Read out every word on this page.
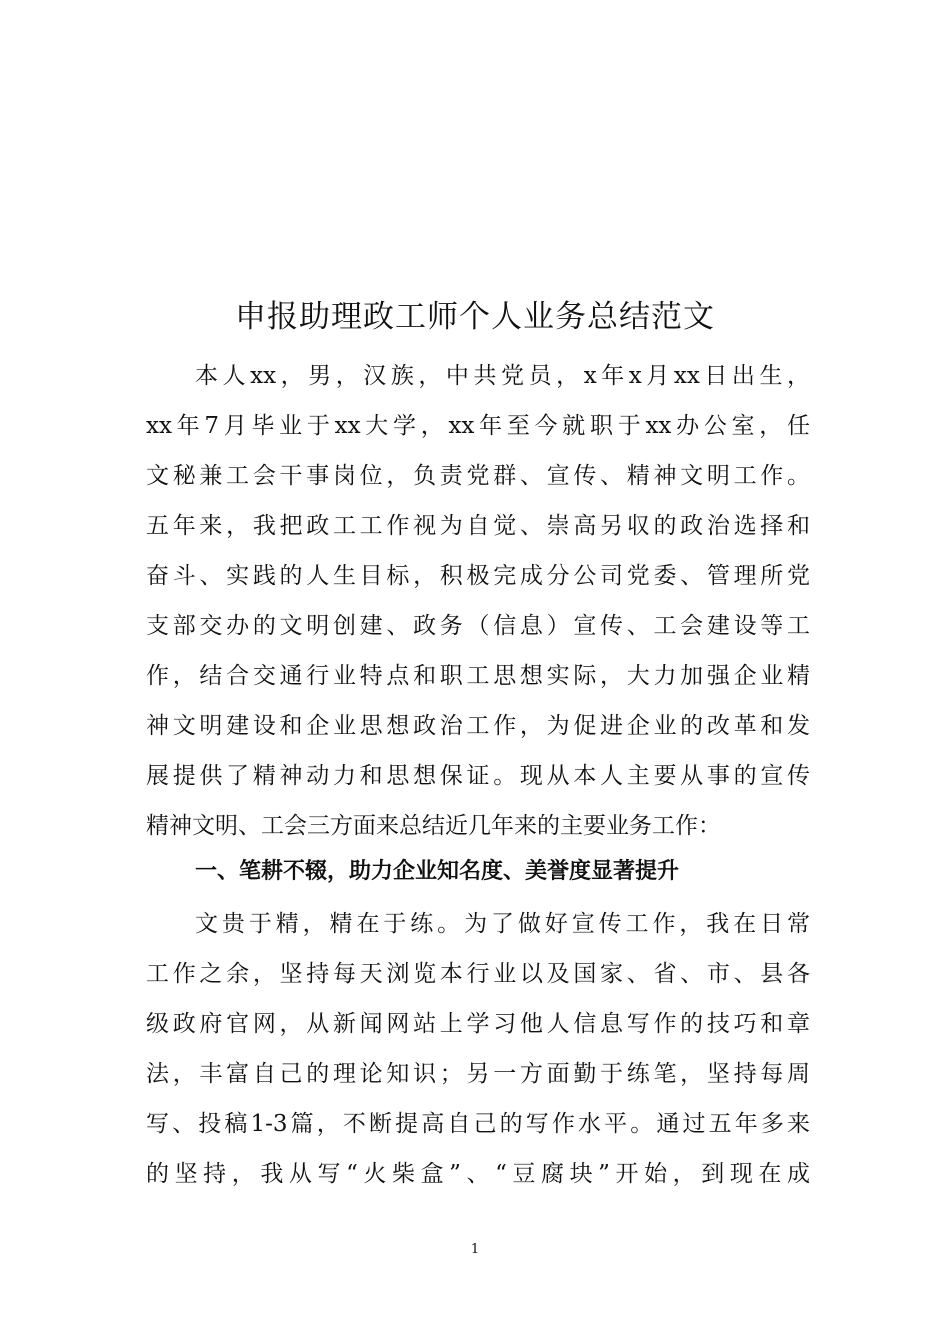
申报助理政工师个人业务总结范文
本人xx，男，汉族，中共党员，x年x月xx日出生，
xx年7月毕业于xx大学，xx年至今就职于xx办公室，任
文秘兼工会干事岗位，负责党群、宣传、精神文明工作。
五年来，我把政工工作视为自觉、崇高另収的政治选择和
奋斗、实践的人生目标，积极完成分公司党委、管理所党
支部交办的文明创建、政务（信息）宣传、工会建设等工
作，结合交通行业特点和职工思想实际，大力加强企业精
神文明建设和企业思想政治工作，为促进企业的改革和发
展提供了精神动力和思想保证。现从本人主要从事的宣传
精神文明、工会三方面来总结近几年来的主要业务工作：
一、笔耕不辍，助力企业知名度、美誉度显著提升
文贵于精，精在于练。为了做好宣传工作，我在日常
工作之余，坚持每天浏览本行业以及国家、省、市、县各
级政府官网，从新闻网站上学习他人信息写作的技巧和章
法，丰富自己的理论知识；另一方面勤于练笔，坚持每周
写、投稿1-3篇，不断提高自己的写作水平。通过五年多来
的坚持，我从写“火柴盒”、“豆腐块”开始，到现在成
1
